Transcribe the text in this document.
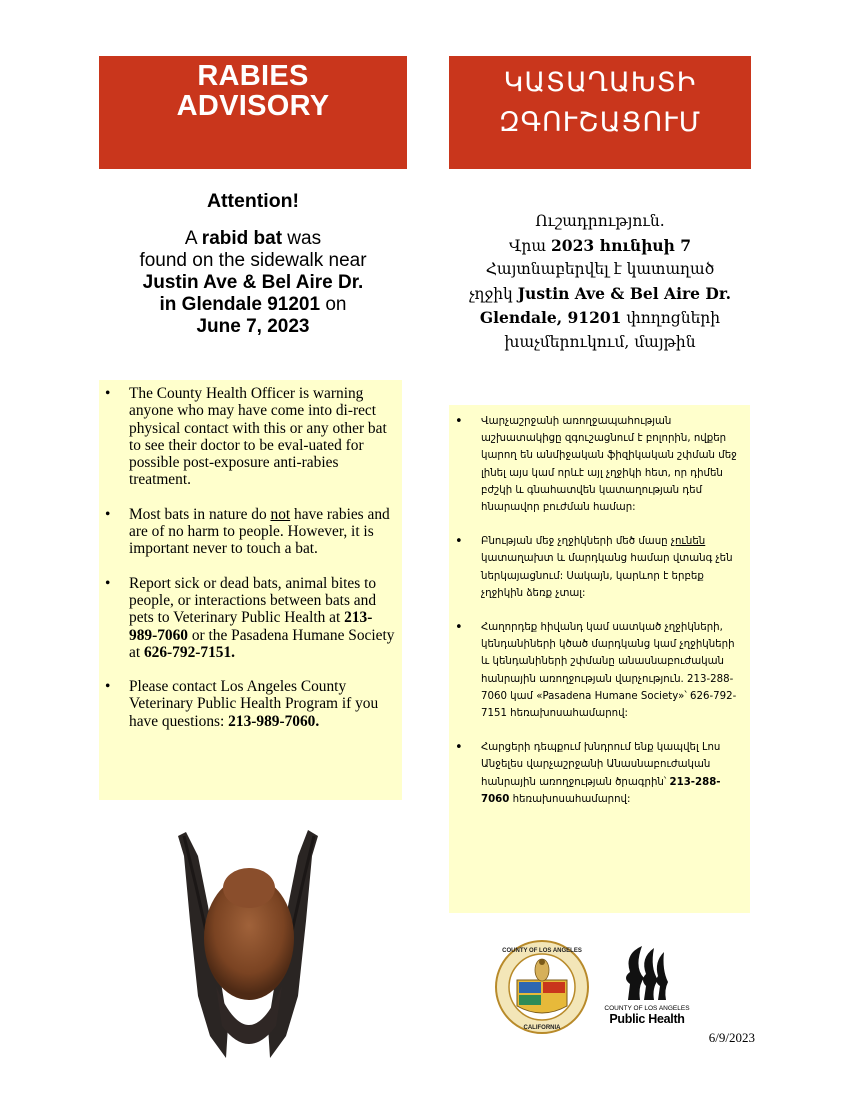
RABIES
ADVISORY
ԿԱՏԱՂԱԽՏԻ
ԶԳՈՒՇԱՑՈՒՄ
Attention!
A rabid bat was
found on the sidewalk near
Justin Ave & Bel Aire Dr.
in Glendale 91201 on
June 7, 2023
Ուշադրություն.
Վրա 2023 հունիսի 7
Հայտնաբերվել է կատաղած
չղջիկ Justin Ave & Bel Aire Dr.
Glendale, 91201 փողոցների
խաչմերուկում, մայթին
• The County Health Officer is warning anyone who may have come into di-rect physical contact with this or any other bat to see their doctor to be eval-uated for possible post-exposure anti-rabies treatment.
• Most bats in nature do not have rabies and are of no harm to people. However, it is important never to touch a bat.
• Report sick or dead bats, animal bites to people, or interactions between bats and pets to Veterinary Public Health at 213-989-7060 or the Pasadena Humane Society at 626-792-7151.
• Please contact Los Angeles County Veterinary Public Health Program if you have questions: 213-989-7060.
• Վարչաշրջանի առողջապահության աշխատակիցը զգուշացնում է բոլորին, ովքեր կարող են անմիջական ֆիզիկական շփման մեջ լինել այս կամ որևէ այլ չղջիկի հետ, որ դիմեն բժշկի և գնահատվեն կատաղության դեմ հնարավոր բուժման համար:
• Բնության մեջ չղջիկների մեծ մասը չունեն կատաղախտ և մարդկանց համար վտանգ չեն ներկայացնում: Սակայն, կարևոր է երբեք չղջիկին ձեռք չտալ:
• Հաղորդեք հիվանդ կամ սատկած չղջիկների, կենդանիների կծած մարդկանց կամ չղջիկների և կենդանիների շփմանը անասնաբուժական հանրային առողջության վարչություն. 213-288-7060 կամ «Pasadena Humane Society»՝ 626-792-7151 հեռախոսահամարով:
• Հարցերի դեպքում խնդրում ենք կապվել Լոս Անջելես վարչաշրջանի Անասնաբուժական հանրային առողջության ծրագրին՝ 213-288-7060 հեռախոսահամարով:
COUNTY OF LOS ANGELES
CALIFORNIA
COUNTY OF LOS ANGELES
Public Health
6/9/2023
